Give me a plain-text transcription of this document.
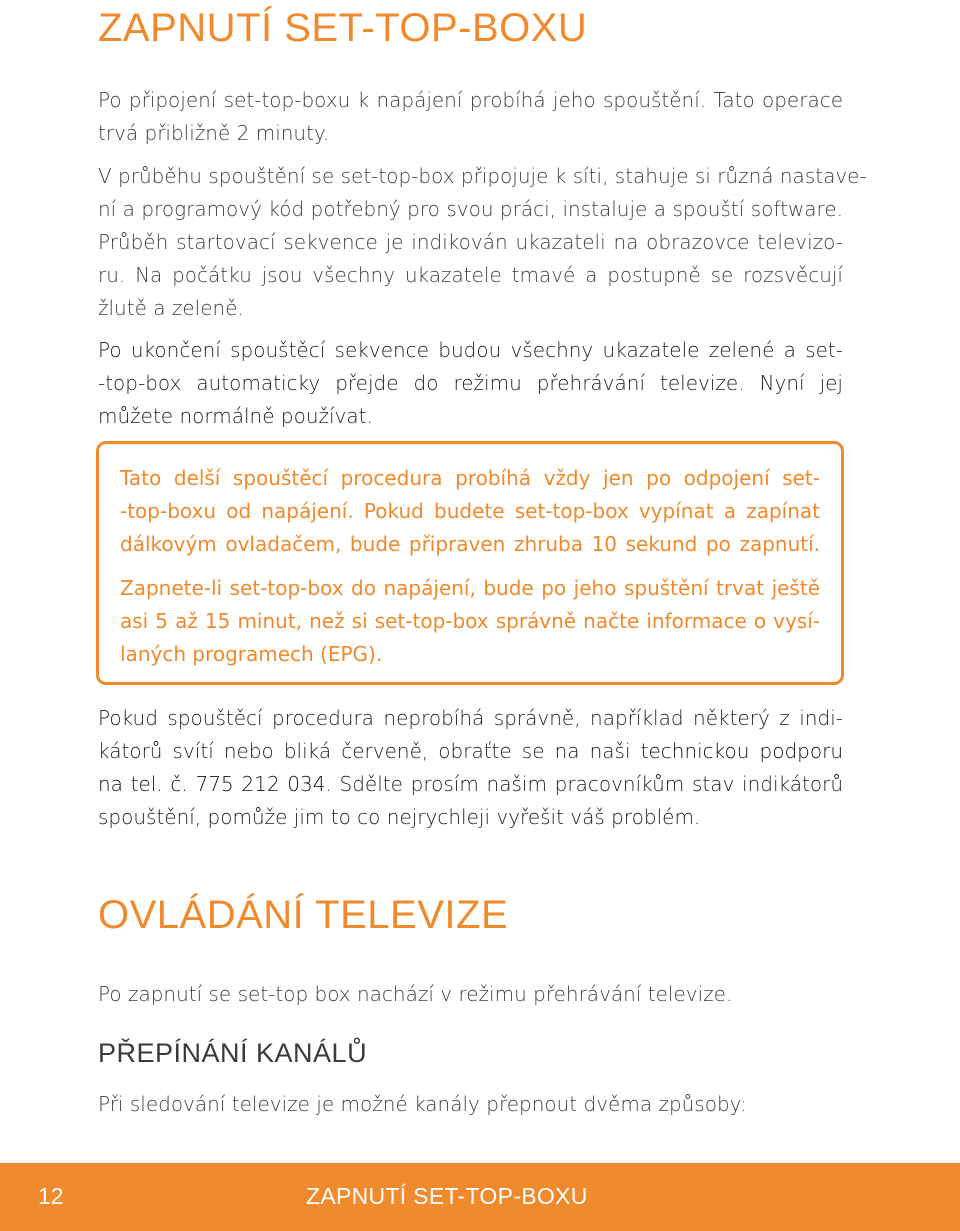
ZAPNUTÍ SET-TOP-BOXU
Po připojení set-top-boxu k napájení probíhá jeho spouštění. Tato operace
trvá přibližně 2 minuty.
V průběhu spouštění se set-top-box připojuje k síti, stahuje si různá nastave-
ní a programový kód potřebný pro svou práci, instaluje a spouští software.
Průběh startovací sekvence je indikován ukazateli na obrazovce televizo-
ru. Na počátku jsou všechny ukazatele tmavé a postupně se rozsvěcují
žlutě a zeleně.
Po ukončení spouštěcí sekvence budou všechny ukazatele zelené a set-
-top-box automaticky přejde do režimu přehrávání televize. Nyní jej
můžete normálně používat.
Tato delší spouštěcí procedura probíhá vždy jen po odpojení set-
-top-boxu od napájení. Pokud budete set-top-box vypínat a zapínat
dálkovým ovladačem, bude připraven zhruba 10 sekund po zapnutí.
Zapnete-li set-top-box do napájení, bude po jeho spuštění trvat ještě
asi 5 až 15 minut, než si set-top-box správně načte informace o vysí-
laných programech (EPG).
Pokud spouštěcí procedura neprobíhá správně, například některý z indi-
kátorů svítí nebo bliká červeně, obraťte se na naši technickou podporu
na tel. č. 775 212 034. Sdělte prosím našim pracovníkům stav indikátorů
spouštění, pomůže jim to co nejrychleji vyřešit váš problém.
OVLÁDÁNÍ TELEVIZE
Po zapnutí se set-top box nachází v režimu přehrávání televize.
PŘEPÍNÁNÍ KANÁLŮ
Při sledování televize je možné kanály přepnout dvěma způsoby:
12	ZAPNUTÍ SET-TOP-BOXU
